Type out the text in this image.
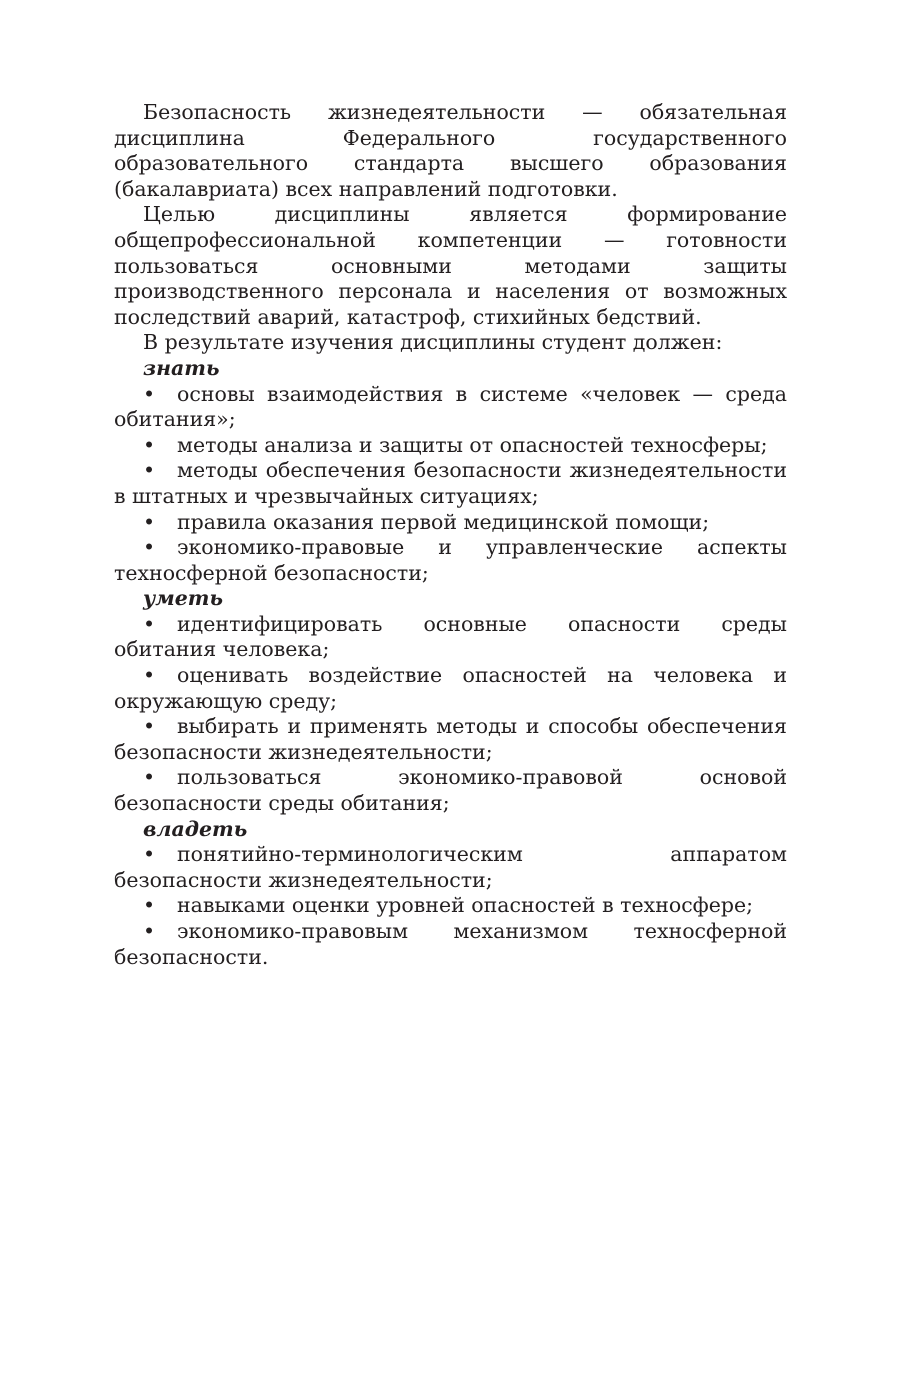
Безопасность жизнедеятельности — обязательная дисциплина Федерального государственного образовательного стандарта высшего образования (бакалавриата) всех направлений подготовки.

Целью дисциплины является формирование общепрофессиональной компетенции — готовности пользоваться основными методами защиты производственного персонала и населения от возможных последствий аварий, катастроф, стихийных бедствий.

В результате изучения дисциплины студент должен:

знать
• основы взаимодействия в системе «человек — среда обитания»;
• методы анализа и защиты от опасностей техносферы;
• методы обеспечения безопасности жизнедеятельности в штатных и чрезвычайных ситуациях;
• правила оказания первой медицинской помощи;
• экономико-правовые и управленческие аспекты техносферной безопасности;
уметь
• идентифицировать основные опасности среды обитания человека;
• оценивать воздействие опасностей на человека и окружающую среду;
• выбирать и применять методы и способы обеспечения безопасности жизнедеятельности;
• пользоваться экономико-правовой основой безопасности среды обитания;
владеть
• понятийно-терминологическим аппаратом безопасности жизнедеятельности;
• навыками оценки уровней опасностей в техносфере;
• экономико-правовым механизмом техносферной безопасности.
